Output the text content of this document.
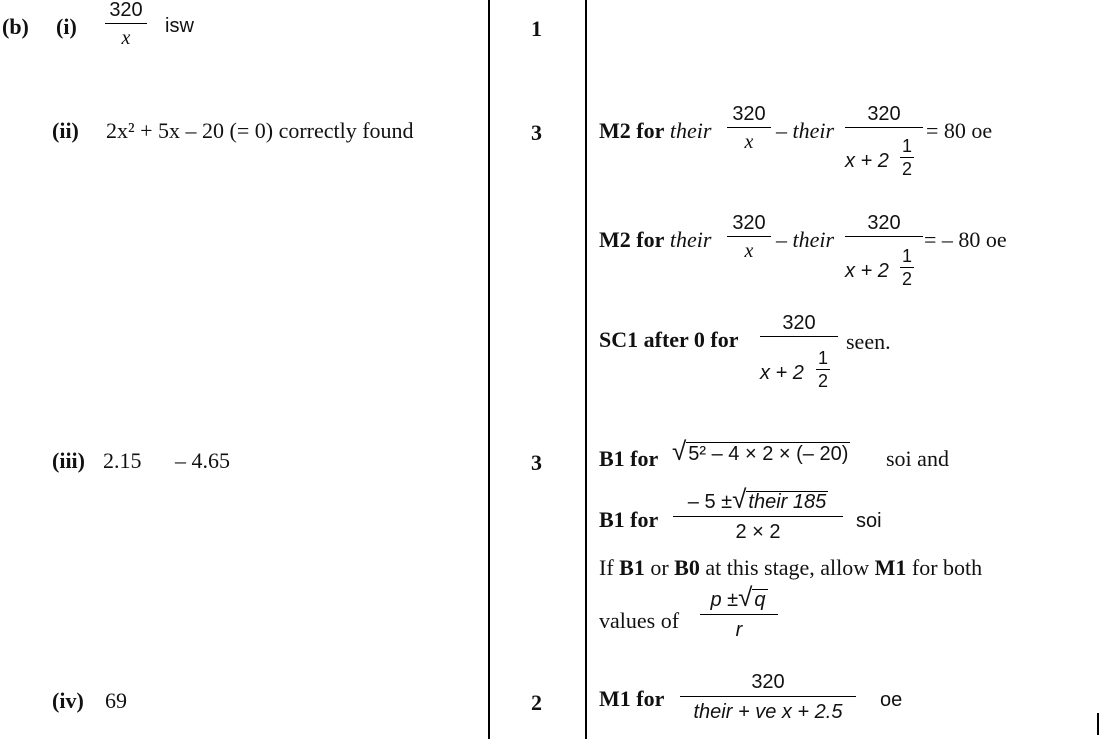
(b) (i)
320
x
isw	1
(ii) 2x² + 5x – 20 (= 0) correctly found	3	M2 for their
320
x	– their
320
x + 2
1
2
= 80 oe
M2 for their
320
x	– their
320
x + 2
1
2
= – 80 oe
SC1 after 0 for
320
x + 2
1
2
seen.
(iii) 2.15 – 4.65	3	B1 for √ 5² – 4 × 2 × (– 20) soi and
B1 for
– 5 ±√ their 185
2 × 2
soi
If B1 or B0 at this stage, allow M1 for both
values of
p ±√ q
r
(iv) 69	2	M1 for
320
their + ve x + 2.5
oe
